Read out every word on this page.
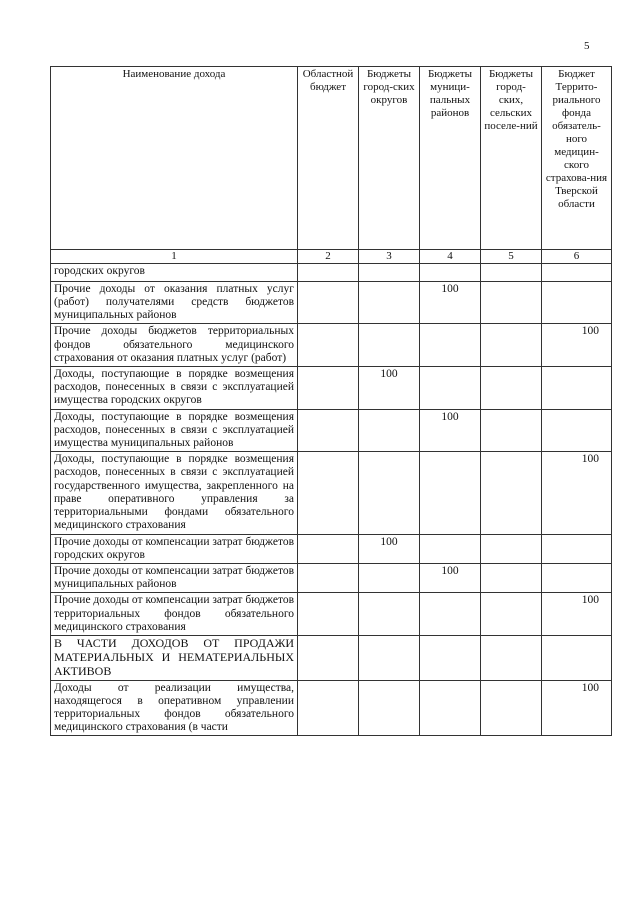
5
Наименование дохода	Областной бюджет	Бюджеты город-ских округов	Бюджеты муници-пальных районов	Бюджеты город-ских, сельских поселе-ний	Бюджет Террито-риального фонда обязатель-ного медицин-ского страхова-ния Тверской области
1	2	3	4	5	6
городских округов					
Прочие доходы от оказания платных услуг (работ) получателями средств бюджетов муниципальных районов			100		
Прочие доходы бюджетов территориальных фондов обязательного медицинского страхования от оказания платных услуг (работ)					100
Доходы, поступающие в порядке возмещения расходов, понесенных в связи с эксплуатацией имущества городских округов		100			
Доходы, поступающие в порядке возмещения расходов, понесенных в связи с эксплуатацией имущества муниципальных районов			100		
Доходы, поступающие в порядке возмещения расходов, понесенных в связи с эксплуатацией государственного имущества, закрепленного на праве оперативного управления за территориальными фондами обязательного медицинского страхования					100
Прочие доходы от компенсации затрат бюджетов городских округов		100			
Прочие доходы от компенсации затрат бюджетов муниципальных районов			100		
Прочие доходы от компенсации затрат бюджетов территориальных фондов обязательного медицинского страхования					100
В ЧАСТИ ДОХОДОВ ОТ ПРОДАЖИ МАТЕРИАЛЬНЫХ И НЕМАТЕРИАЛЬНЫХ АКТИВОВ					
Доходы от реализации имущества, находящегося в оперативном управлении территориальных фондов обязательного медицинского страхования (в части					100
